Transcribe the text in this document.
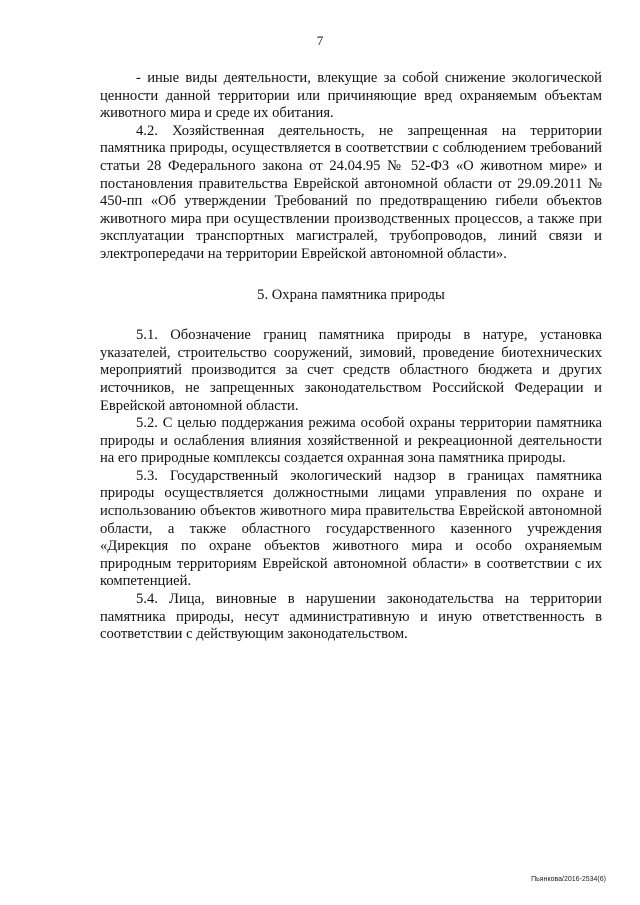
7

- иные виды деятельности, влекущие за собой снижение экологической ценности данной территории или причиняющие вред охраняемым объектам животного мира и среде их обитания.

4.2. Хозяйственная деятельность, не запрещенная на территории памятника природы, осуществляется в соответствии с соблюдением требований статьи 28 Федерального закона от 24.04.95 № 52-ФЗ «О животном мире» и постановления правительства Еврейской автономной области от 29.09.2011 № 450-пп «Об утверждении Требований по предотвращению гибели объектов животного мира при осуществлении производственных процессов, а также при эксплуатации транспортных магистралей, трубопроводов, линий связи и электропередачи на территории Еврейской автономной области».

5. Охрана памятника природы

5.1. Обозначение границ памятника природы в натуре, установка указателей, строительство сооружений, зимовий, проведение биотехнических мероприятий производится за счет средств областного бюджета и других источников, не запрещенных законодательством Российской Федерации и Еврейской автономной области.

5.2. С целью поддержания режима особой охраны территории памятника природы и ослабления влияния хозяйственной и рекреационной деятельности на его природные комплексы создается охранная зона памятника природы.

5.3. Государственный экологический надзор в границах памятника природы осуществляется должностными лицами управления по охране и использованию объектов животного мира правительства Еврейской автономной области, а также областного государственного казенного учреждения «Дирекция по охране объектов животного мира и особо охраняемым природным территориям Еврейской автономной области» в соответствии с их компетенцией.

5.4. Лица, виновные в нарушении законодательства на территории памятника природы, несут административную и иную ответственность в соответствии с действующим законодательством.

Пьянкова/2016-2534(6)
